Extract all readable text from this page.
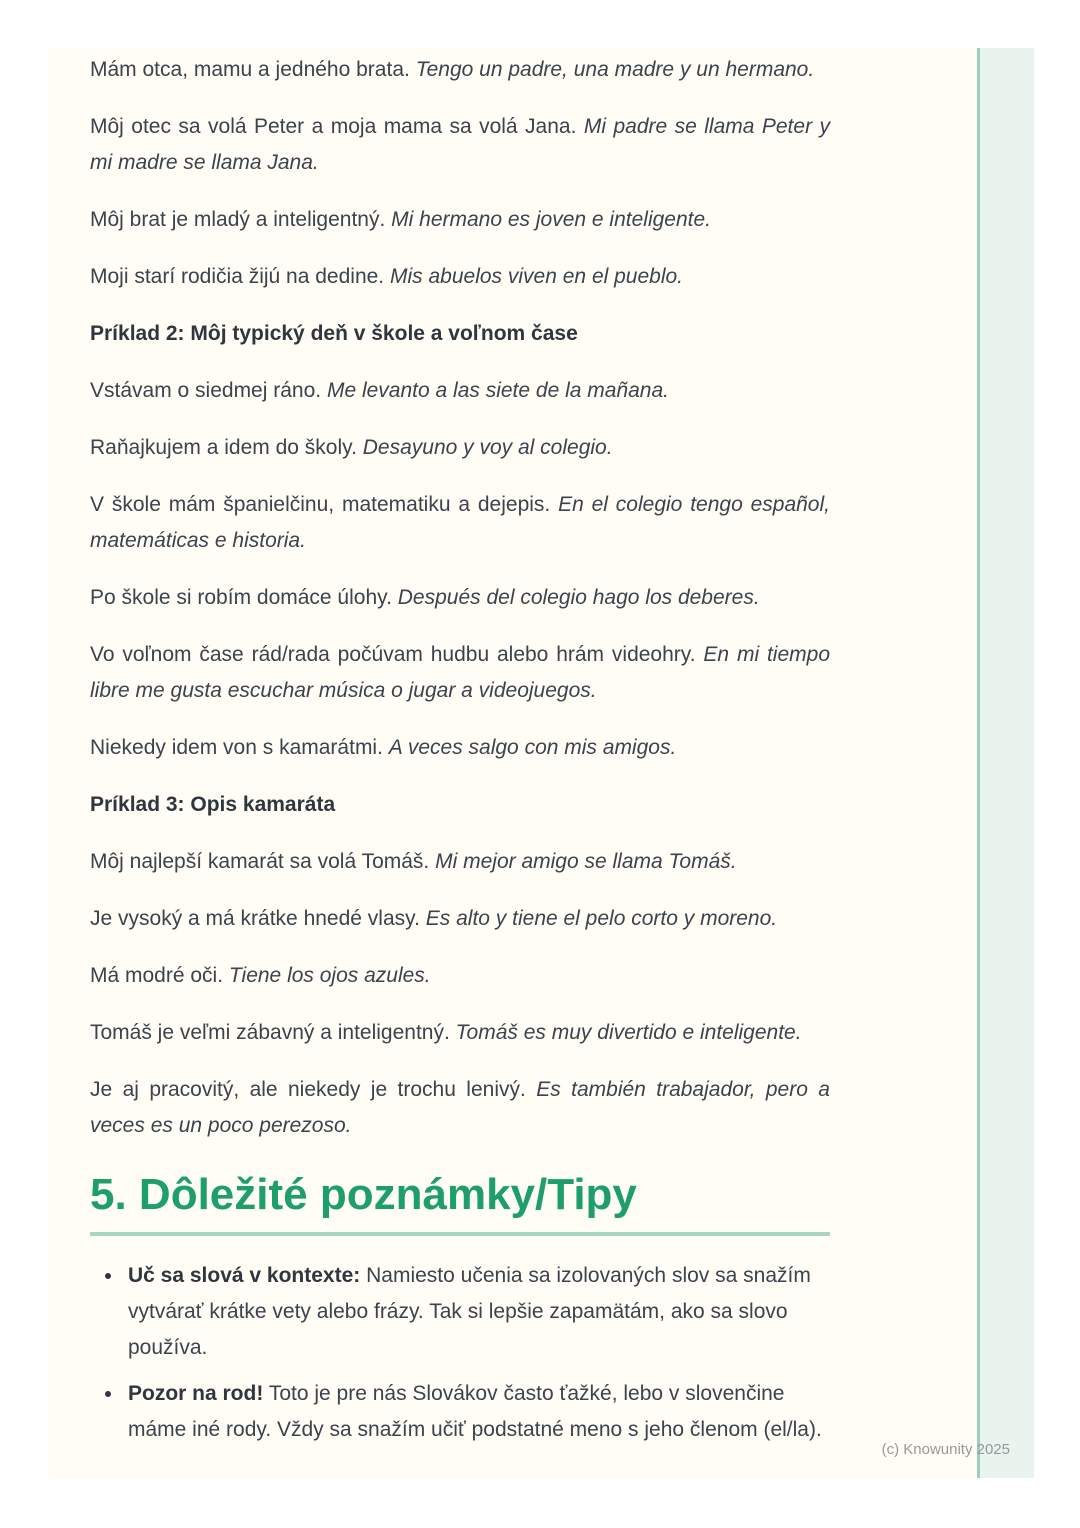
Mám otca, mamu a jedného brata. Tengo un padre, una madre y un hermano.

Môj otec sa volá Peter a moja mama sa volá Jana. Mi padre se llama Peter y mi madre se llama Jana.

Môj brat je mladý a inteligentný. Mi hermano es joven e inteligente.

Moji starí rodičia žijú na dedine. Mis abuelos viven en el pueblo.

Príklad 2: Môj typický deň v škole a voľnom čase

Vstávam o siedmej ráno. Me levanto a las siete de la mañana.

Raňajkujem a idem do školy. Desayuno y voy al colegio.

V škole mám španielčinu, matematiku a dejepis. En el colegio tengo español, matemáticas e historia.

Po škole si robím domáce úlohy. Después del colegio hago los deberes.

Vo voľnom čase rád/rada počúvam hudbu alebo hrám videohry. En mi tiempo libre me gusta escuchar música o jugar a videojuegos.

Niekedy idem von s kamarátmi. A veces salgo con mis amigos.

Príklad 3: Opis kamaráta

Môj najlepší kamarát sa volá Tomáš. Mi mejor amigo se llama Tomáš.

Je vysoký a má krátke hnedé vlasy. Es alto y tiene el pelo corto y moreno.

Má modré oči. Tiene los ojos azules.

Tomáš je veľmi zábavný a inteligentný. Tomáš es muy divertido e inteligente.

Je aj pracovitý, ale niekedy je trochu lenivý. Es también trabajador, pero a veces es un poco perezoso.

5. Dôležité poznámky/Tipy
• Uč sa slová v kontexte: Namiesto učenia sa izolovaných slov sa snažím vytvárať krátke vety alebo frázy. Tak si lepšie zapamätám, ako sa slovo používa.
• Pozor na rod! Toto je pre nás Slovákov často ťažké, lebo v slovenčine máme iné rody. Vždy sa snažím učiť podstatné meno s jeho členom (el/la).
(c) Knowunity 2025
